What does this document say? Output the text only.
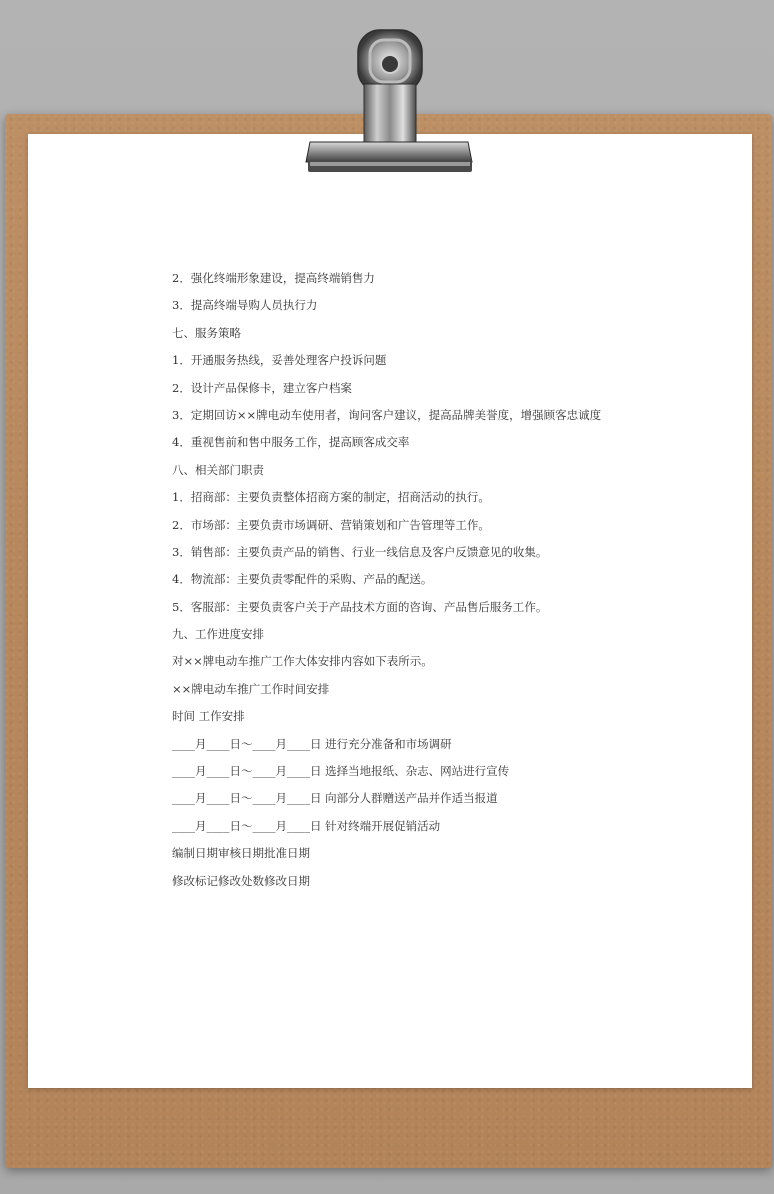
2．强化终端形象建设，提高终端销售力
3．提高终端导购人员执行力
七、服务策略
1．开通服务热线，妥善处理客户投诉问题
2．设计产品保修卡，建立客户档案
3．定期回访××牌电动车使用者，询问客户建议，提高品牌美誉度，增强顾客忠诚度
4．重视售前和售中服务工作，提高顾客成交率
八、相关部门职责
1．招商部：主要负责整体招商方案的制定，招商活动的执行。
2．市场部：主要负责市场调研、营销策划和广告管理等工作。
3．销售部：主要负责产品的销售、行业一线信息及客户反馈意见的收集。
4．物流部：主要负责零配件的采购、产品的配送。
5．客服部：主要负责客户关于产品技术方面的咨询、产品售后服务工作。
九、工作进度安排
对××牌电动车推广工作大体安排内容如下表所示。
××牌电动车推广工作时间安排
时间 工作安排
____月____日～____月____日 进行充分准备和市场调研
____月____日～____月____日 选择当地报纸、杂志、网站进行宣传
____月____日～____月____日 向部分人群赠送产品并作适当报道
____月____日～____月____日 针对终端开展促销活动
编制日期审核日期批准日期
修改标记修改处数修改日期
